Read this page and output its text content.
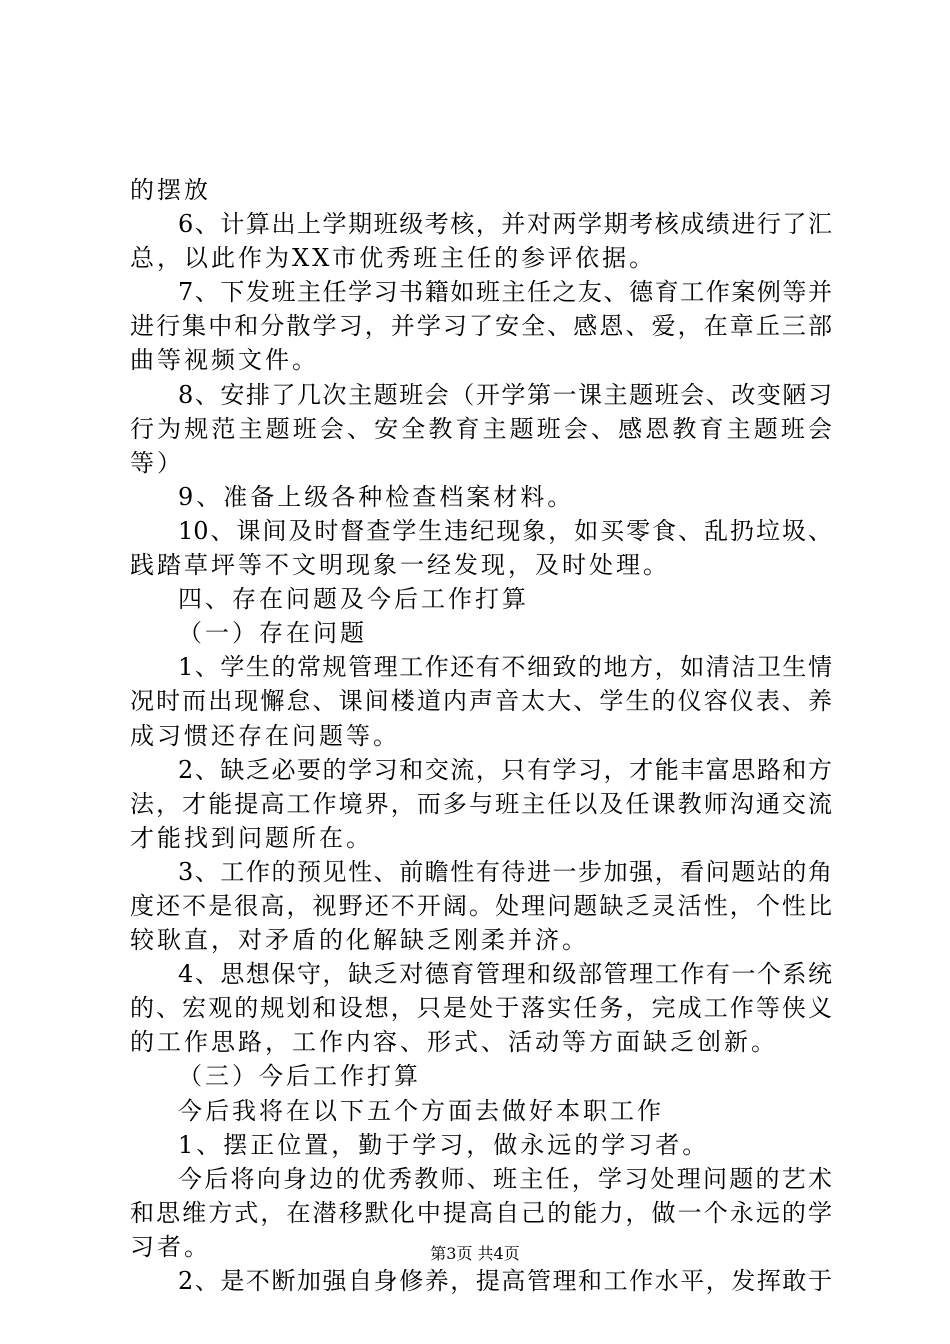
的摆放
6、计算出上学期班级考核，并对两学期考核成绩进行了汇
总，以此作为XX市优秀班主任的参评依据。
7、下发班主任学习书籍如班主任之友、德育工作案例等并
进行集中和分散学习，并学习了安全、感恩、爱，在章丘三部
曲等视频文件。
8、安排了几次主题班会（开学第一课主题班会、改变陋习
行为规范主题班会、安全教育主题班会、感恩教育主题班会
等）
9、准备上级各种检查档案材料。
10、课间及时督查学生违纪现象，如买零食、乱扔垃圾、
践踏草坪等不文明现象一经发现，及时处理。
四、存在问题及今后工作打算
（一）存在问题
1、学生的常规管理工作还有不细致的地方，如清洁卫生情
况时而出现懈怠、课间楼道内声音太大、学生的仪容仪表、养
成习惯还存在问题等。
2、缺乏必要的学习和交流，只有学习，才能丰富思路和方
法，才能提高工作境界，而多与班主任以及任课教师沟通交流
才能找到问题所在。
3、工作的预见性、前瞻性有待进一步加强，看问题站的角
度还不是很高，视野还不开阔。处理问题缺乏灵活性，个性比
较耿直，对矛盾的化解缺乏刚柔并济。
4、思想保守，缺乏对德育管理和级部管理工作有一个系统
的、宏观的规划和设想，只是处于落实任务，完成工作等侠义
的工作思路，工作内容、形式、活动等方面缺乏创新。
（三）今后工作打算
今后我将在以下五个方面去做好本职工作
1、摆正位置，勤于学习，做永远的学习者。
今后将向身边的优秀教师、班主任，学习处理问题的艺术
和思维方式，在潜移默化中提高自己的能力，做一个永远的学
习者。
2、是不断加强自身修养，提高管理和工作水平，发挥敢于
第3页 共4页
